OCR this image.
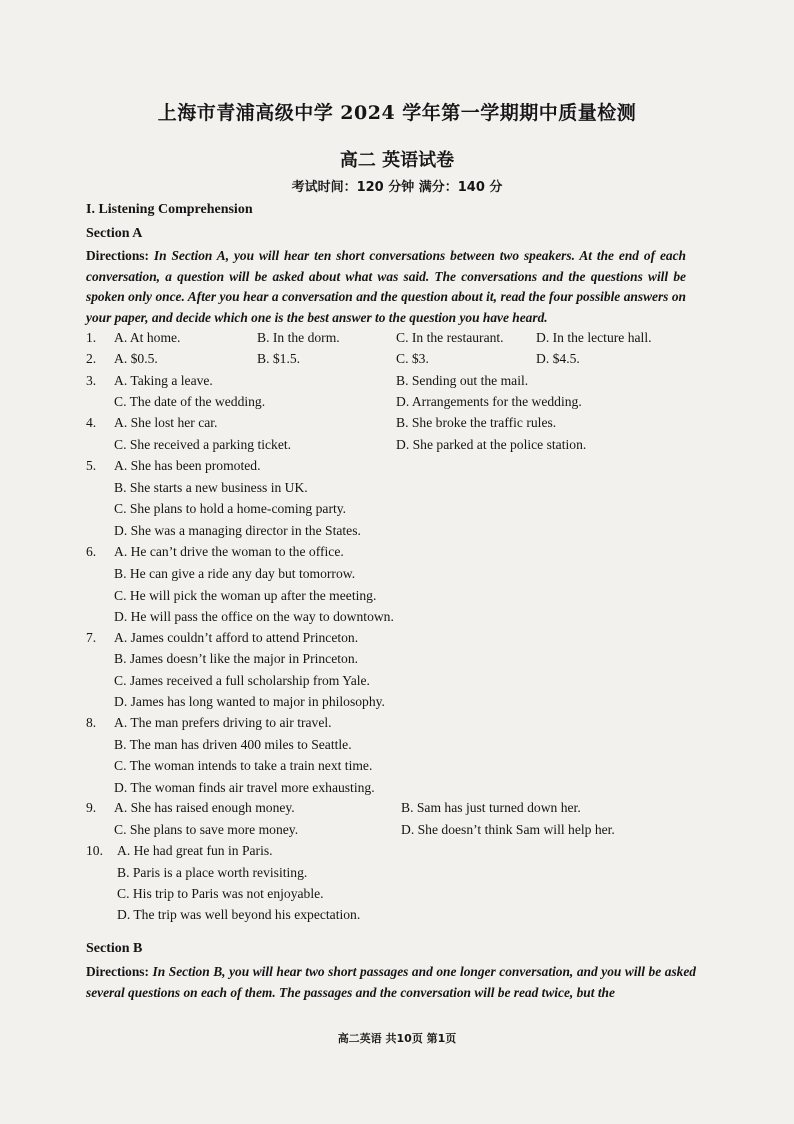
上海市青浦高级中学 2024 学年第一学期期中质量检测
高二 英语试卷
考试时间：120 分钟 满分：140 分
I. Listening Comprehension
Section A
Directions: In Section A, you will hear ten short conversations between two speakers. At the end of each conversation, a question will be asked about what was said. The conversations and the questions will be spoken only once. After you hear a conversation and the question about it, read the four possible answers on your paper, and decide which one is the best answer to the question you have heard.
1. A. At home.	B. In the dorm.	C. In the restaurant. D. In the lecture hall.
2. A. $0.5.	B. $1.5.	C. $3.	D. $4.5.
3. A. Taking a leave.	B. Sending out the mail.
C. The date of the wedding.	D. Arrangements for the wedding.
4. A. She lost her car.	B. She broke the traffic rules.
C. She received a parking ticket.	D. She parked at the police station.
5. A. She has been promoted.
B. She starts a new business in UK.
C. She plans to hold a home-coming party.
D. She was a managing director in the States.
6. A. He can’t drive the woman to the office.
B. He can give a ride any day but tomorrow.
C. He will pick the woman up after the meeting.
D. He will pass the office on the way to downtown.
7. A. James couldn’t afford to attend Princeton.
B. James doesn’t like the major in Princeton.
C. James received a full scholarship from Yale.
D. James has long wanted to major in philosophy.
8. A. The man prefers driving to air travel.
B. The man has driven 400 miles to Seattle.
C. The woman intends to take a train next time.
D. The woman finds air travel more exhausting.
9. A. She has raised enough money.	B. Sam has just turned down her.
C. She plans to save more money.	D. She doesn’t think Sam will help her.
10. A. He had great fun in Paris.
B. Paris is a place worth revisiting.
C. His trip to Paris was not enjoyable.
D. The trip was well beyond his expectation.
Section B
Directions: In Section B, you will hear two short passages and one longer conversation, and you will be asked several questions on each of them. The passages and the conversation will be read twice, but the
高二英语 共10页 第1页
